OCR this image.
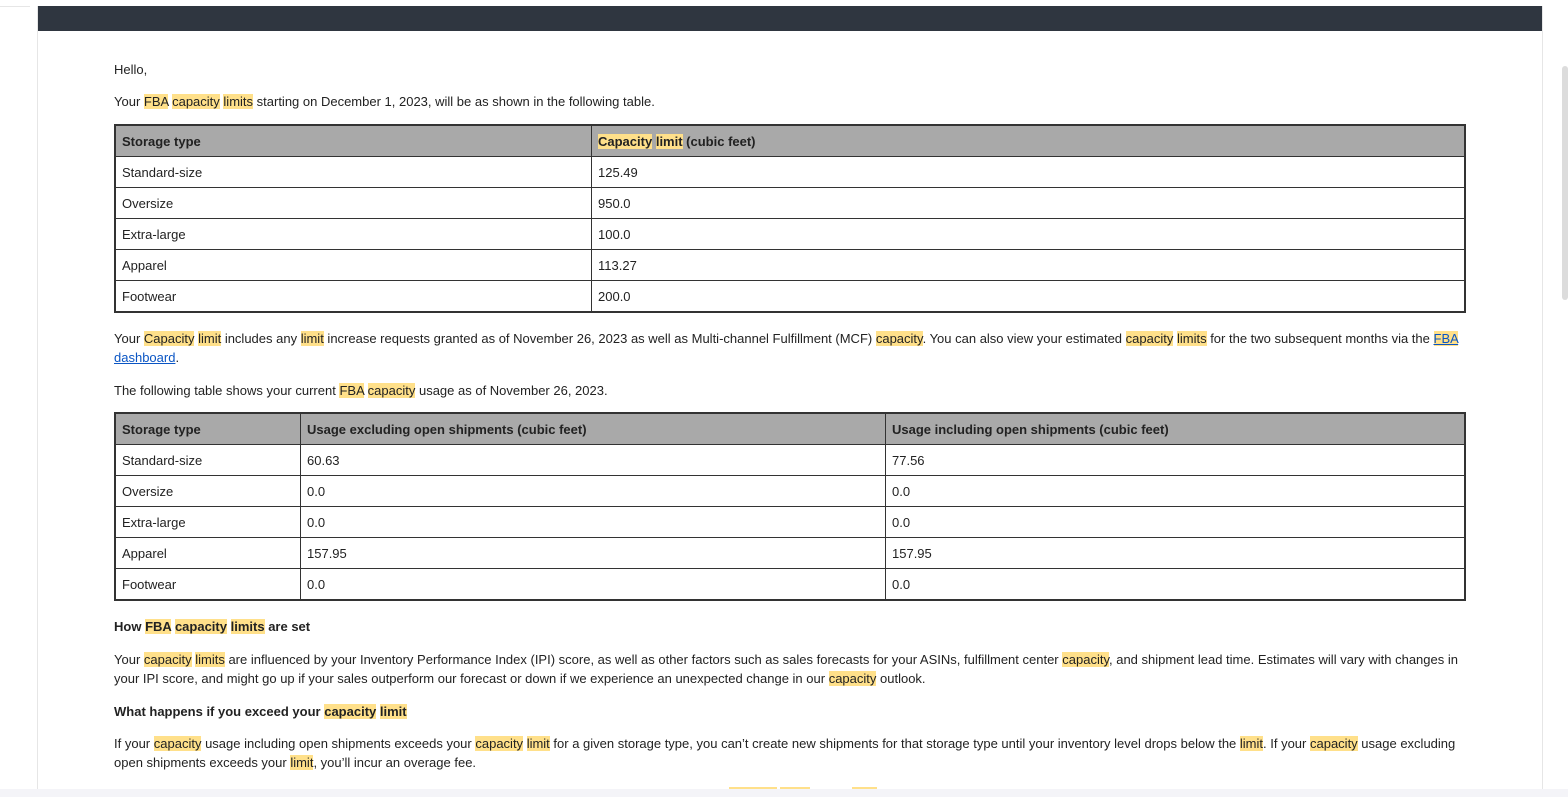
Hello,

Your FBA capacity limits starting on December 1, 2023, will be as shown in the following table.

Storage type	Capacity limit (cubic feet)
Standard-size	125.49
Oversize	950.0
Extra-large	100.0
Apparel	113.27
Footwear	200.0

Your Capacity limit includes any limit increase requests granted as of November 26, 2023 as well as Multi-channel Fulfillment (MCF) capacity. You can also view your estimated capacity limits for the two subsequent months via the FBA dashboard.

The following table shows your current FBA capacity usage as of November 26, 2023.

Storage type	Usage excluding open shipments (cubic feet)	Usage including open shipments (cubic feet)
Standard-size	60.63	77.56
Oversize	0.0	0.0
Extra-large	0.0	0.0
Apparel	157.95	157.95
Footwear	0.0	0.0

How FBA capacity limits are set

Your capacity limits are influenced by your Inventory Performance Index (IPI) score, as well as other factors such as sales forecasts for your ASINs, fulfillment center capacity, and shipment lead time. Estimates will vary with changes in your IPI score, and might go up if your sales outperform our forecast or down if we experience an unexpected change in our capacity outlook.

What happens if you exceed your capacity limit

If your capacity usage including open shipments exceeds your capacity limit for a given storage type, you can’t create new shipments for that storage type until your inventory level drops below the limit. If your capacity usage excluding open shipments exceeds your limit, you’ll incur an overage fee.
